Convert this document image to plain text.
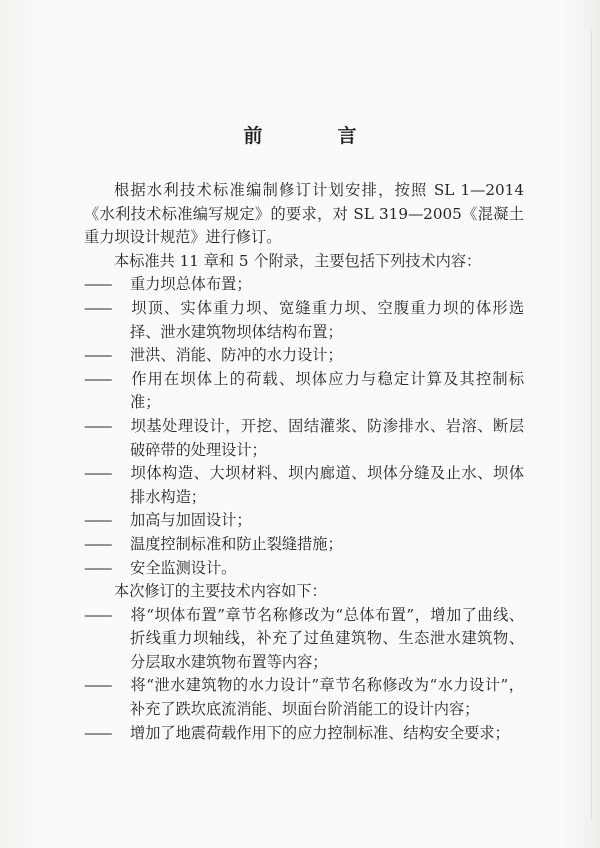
前　言

根据水利技术标准编制修订计划安排，按照 SL 1—2014《水利技术标准编写规定》的要求，对 SL 319—2005《混凝土重力坝设计规范》进行修订。

本标准共 11 章和 5 个附录，主要包括下列技术内容：

—— 重力坝总体布置；

—— 坝顶、实体重力坝、宽缝重力坝、空腹重力坝的体形选择、泄水建筑物坝体结构布置；

—— 泄洪、消能、防冲的水力设计；

—— 作用在坝体上的荷载、坝体应力与稳定计算及其控制标准；

—— 坝基处理设计，开挖、固结灌浆、防渗排水、岩溶、断层破碎带的处理设计；

—— 坝体构造、大坝材料、坝内廊道、坝体分缝及止水、坝体排水构造；

—— 加高与加固设计；

—— 温度控制标准和防止裂缝措施；

—— 安全监测设计。

本次修订的主要技术内容如下：

—— 将“坝体布置”章节名称修改为“总体布置”，增加了曲线、折线重力坝轴线，补充了过鱼建筑物、生态泄水建筑物、分层取水建筑物布置等内容；

—— 将“泄水建筑物的水力设计”章节名称修改为“水力设计”，补充了跌坎底流消能、坝面台阶消能工的设计内容；

—— 增加了地震荷载作用下的应力控制标准、结构安全要求；
